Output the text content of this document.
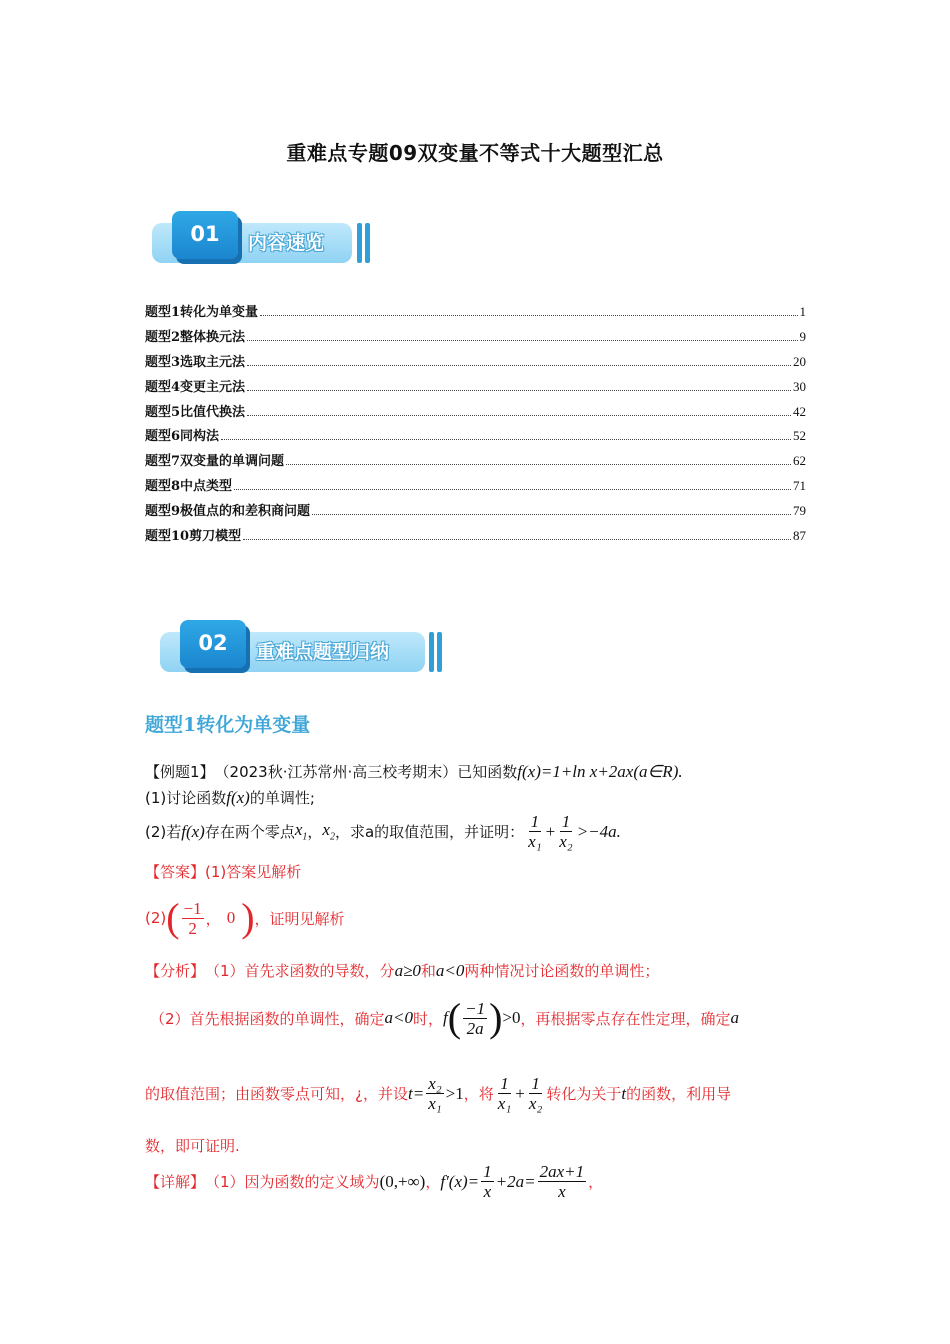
重难点专题09双变量不等式十大题型汇总
01	内容速览
题型1转化为单变量	1
题型2整体换元法	9
题型3选取主元法	20
题型4变更主元法	30
题型5比值代换法	42
题型6同构法	52
题型7双变量的单调问题	62
题型8中点类型	71
题型9极值点的和差积商问题	79
题型10剪刀模型	87
02	重难点题型归纳
题型1转化为单变量
【例题1】 （2023秋·江苏常州·高三校考期末）已知函数 f(x)=1+ln x+2ax(a∈R).
(1)讨论函数 f(x) 的单调性;
(2)若 f(x) 存在两个零点 $x_1$ ， $x_2$ ，求a的取值范围，并证明： $\frac{1}{\text{x₁}} + \frac{1}{\text{x₂}} >-4a$.
【答案】 (1)答案见解析
(2) ( $\frac{-1}{2}$ ， 0 ) ，证明见解析
【分析】 （1）首先求函数的导数，分 a≥0 和 a<0 两种情况讨论函数的单调性；
（2）首先根据函数的单调性，确定 a<0 时， f ( $\frac{-1}{2a}$ ) >0 ，再根据零点存在性定理，确定 a
的取值范围；由函数零点可知， ¿ ，并设 $t= \frac{\text{x₂}}{\text{x₁}} >1$ ，将 $\frac{1}{\text{x₁}} + \frac{1}{\text{x₂}}$ 转化为关于 t 的函数，利用导
数，即可证明.
【详解】 （1）因为函数的定义域为 (0,+∞) ， $f'(x)= \frac{1}{x} +2a= \frac{2ax+1}{x}$ ，
